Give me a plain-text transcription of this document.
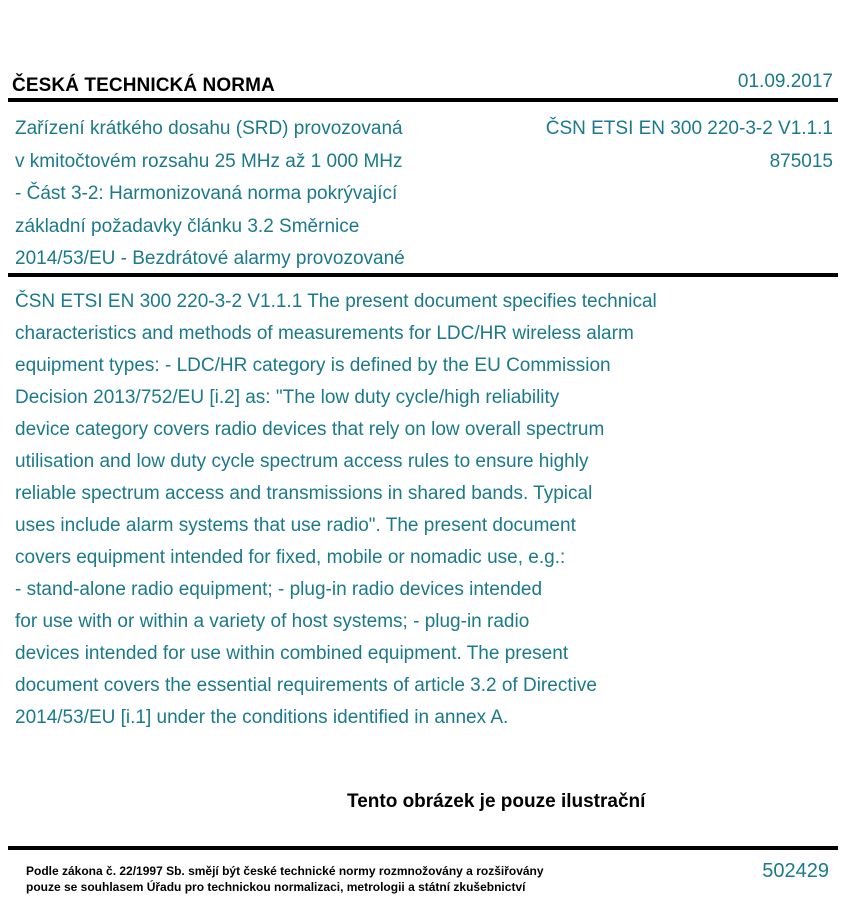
ČESKÁ TECHNICKÁ NORMA	01.09.2017
Zařízení krátkého dosahu (SRD) provozovaná
v kmitočtovém rozsahu 25 MHz až 1 000 MHz
- Část 3-2: Harmonizovaná norma pokrývající
základní požadavky článku 3.2 Směrnice
2014/53/EU - Bezdrátové alarmy provozované
ČSN ETSI EN 300 220-3-2 V1.1.1
875015
ČSN ETSI EN 300 220-3-2 V1.1.1 The present document specifies technical
characteristics and methods of measurements for LDC/HR wireless alarm
equipment types: - LDC/HR category is defined by the EU Commission
Decision 2013/752/EU [i.2] as: "The low duty cycle/high reliability
device category covers radio devices that rely on low overall spectrum
utilisation and low duty cycle spectrum access rules to ensure highly
reliable spectrum access and transmissions in shared bands. Typical
uses include alarm systems that use radio". The present document
covers equipment intended for fixed, mobile or nomadic use, e.g.:
- stand-alone radio equipment; - plug-in radio devices intended
for use with or within a variety of host systems; - plug-in radio
devices intended for use within combined equipment. The present
document covers the essential requirements of article 3.2 of Directive
2014/53/EU [i.1] under the conditions identified in annex A.
Tento obrázek je pouze ilustrační
Podle zákona č. 22/1997 Sb. smějí být české technické normy rozmnožovány a rozšiřovány
pouze se souhlasem Úřadu pro technickou normalizaci, metrologii a státní zkušebnictví
502429
